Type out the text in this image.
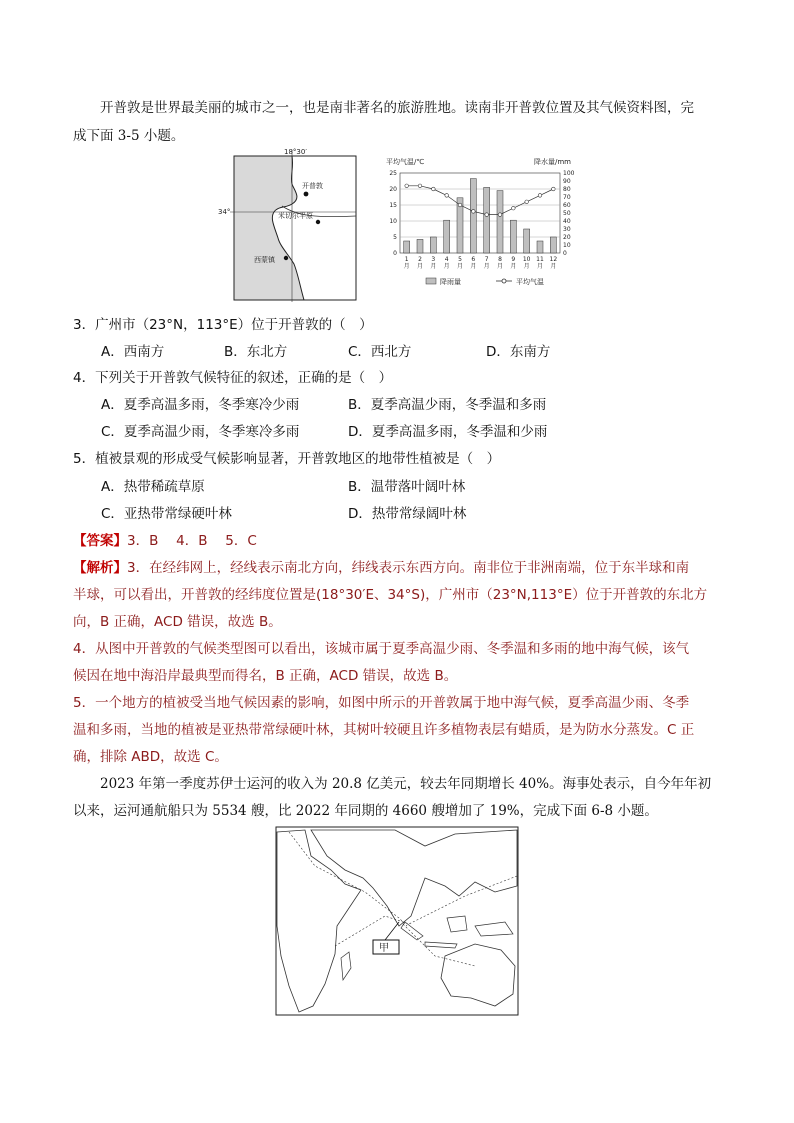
开普敦是世界最美丽的城市之一，也是南非著名的旅游胜地。读南非开普敦位置及其气候资料图，完
成下面 3-5 小题。
18°30′
34°
开普敦
米切尔平原
西蒙镇
平均气温/℃	降水量/mm
0
5
10
15
20
25
0
10
20
30
40
50
60
70
80
90
100
1
月
2
月
3
月
4
月
5
月
6
月
7
月
8
月
9
月
10
月
11
月
12
月
降雨量	平均气温
3．广州市（23°N，113°E）位于开普敦的（　）
A．西南方	B．东北方	C．西北方	D．东南方
4．下列关于开普敦气候特征的叙述，正确的是（　）
A．夏季高温多雨，冬季寒冷少雨	B．夏季高温少雨，冬季温和多雨
C．夏季高温少雨，冬季寒冷多雨	D．夏季高温多雨，冬季温和少雨
5．植被景观的形成受气候影响显著，开普敦地区的地带性植被是（　）
A．热带稀疏草原	B．温带落叶阔叶林
C．亚热带常绿硬叶林	D．热带常绿阔叶林
【答案】3．B　 4．B　 5．C
【解析】3．在经纬网上，经线表示南北方向，纬线表示东西方向。南非位于非洲南端，位于东半球和南
半球，可以看出，开普敦的经纬度位置是(18°30′E、34°S)，广州市（23°N,113°E）位于开普敦的东北方
向，B 正确，ACD 错误，故选 B。
4．从图中开普敦的气候类型图可以看出，该城市属于夏季高温少雨、冬季温和多雨的地中海气候，该气
候因在地中海沿岸最典型而得名，B 正确，ACD 错误，故选 B。
5．一个地方的植被受当地气候因素的影响，如图中所示的开普敦属于地中海气候，夏季高温少雨、冬季
温和多雨，当地的植被是亚热带常绿硬叶林，其树叶较硬且许多植物表层有蜡质，是为防水分蒸发。C 正
确，排除 ABD，故选 C。
2023 年第一季度苏伊士运河的收入为 20.8 亿美元，较去年同期增长 40%。海事处表示，自今年年初
以来，运河通航船只为 5534 艘，比 2022 年同期的 4660 艘增加了 19%，完成下面 6-8 小题。
甲
